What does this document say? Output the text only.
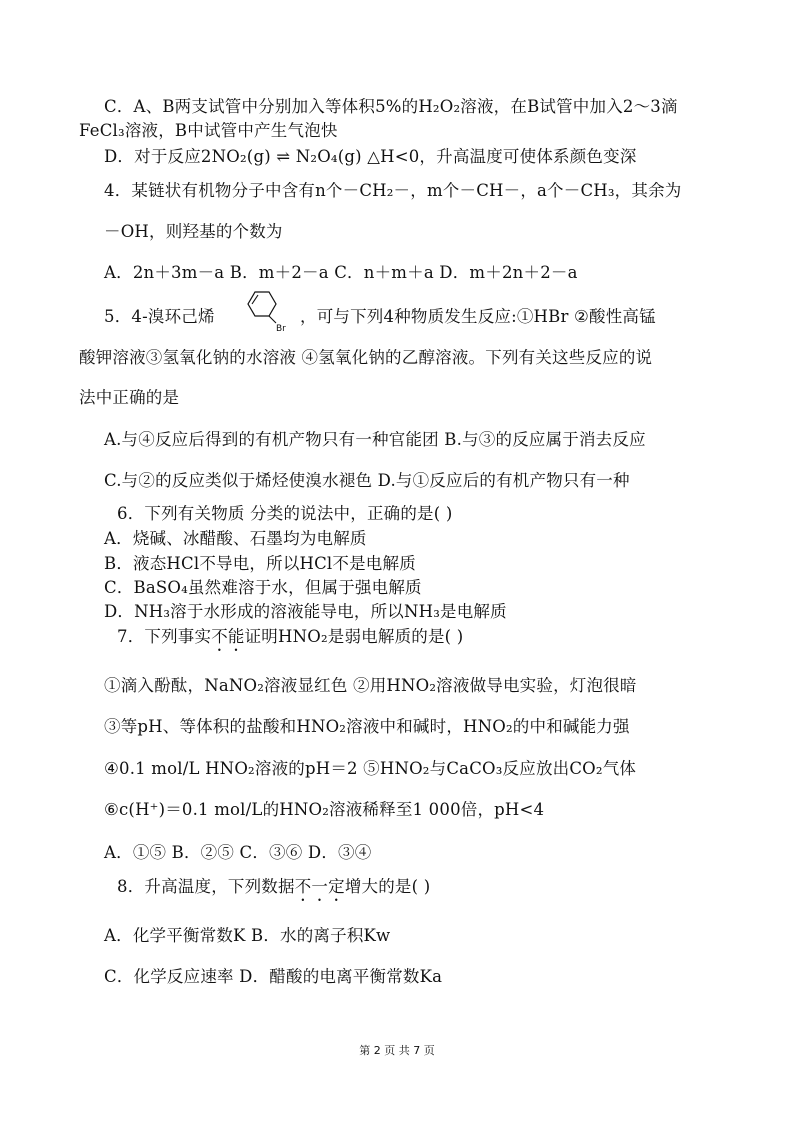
C．A、B两支试管中分别加入等体积5%的H₂O₂溶液，在B试管中加入2～3滴
FeCl₃溶液，B中试管中产生气泡快
D．对于反应2NO₂(g) ⇌ N₂O₄(g) △H<0，升高温度可使体系颜色变深
4．某链状有机物分子中含有n个－CH₂－，m个－CH－，a个－CH₃，其余为
－OH，则羟基的个数为
A．2n＋3m－a B．m＋2－a C．n＋m＋a D．m＋2n＋2－a
5．4-溴环己烯
Br
，可与下列4种物质发生反应:①HBr ②酸性高锰
酸钾溶液③氢氧化钠的水溶液 ④氢氧化钠的乙醇溶液。下列有关这些反应的说
法中正确的是
A.与④反应后得到的有机产物只有一种官能团 B.与③的反应属于消去反应
C.与②的反应类似于烯烃使溴水褪色 D.与①反应后的有机产物只有一种
6．下列有关物质 分类的说法中，正确的是( )
A．烧碱、冰醋酸、石墨均为电解质
B．液态HCl不导电，所以HCl不是电解质
C．BaSO₄虽然难溶于水，但属于强电解质
D．NH₃溶于水形成的溶液能导电，所以NH₃是电解质
7．下列事实不能证明HNO₂是弱电解质的是( )
①滴入酚酞，NaNO₂溶液显红色 ②用HNO₂溶液做导电实验，灯泡很暗
③等pH、等体积的盐酸和HNO₂溶液中和碱时，HNO₂的中和碱能力强
④0.1 mol/L HNO₂溶液的pH＝2 ⑤HNO₂与CaCO₃反应放出CO₂气体
⑥c(H⁺)＝0.1 mol/L的HNO₂溶液稀释至1 000倍，pH<4
A．①⑤ B．②⑤ C．③⑥ D．③④
8．升高温度，下列数据不一定增大的是( )
A．化学平衡常数K B．水的离子积Kw
C．化学反应速率 D．醋酸的电离平衡常数Ka
第 2 页 共 7 页
